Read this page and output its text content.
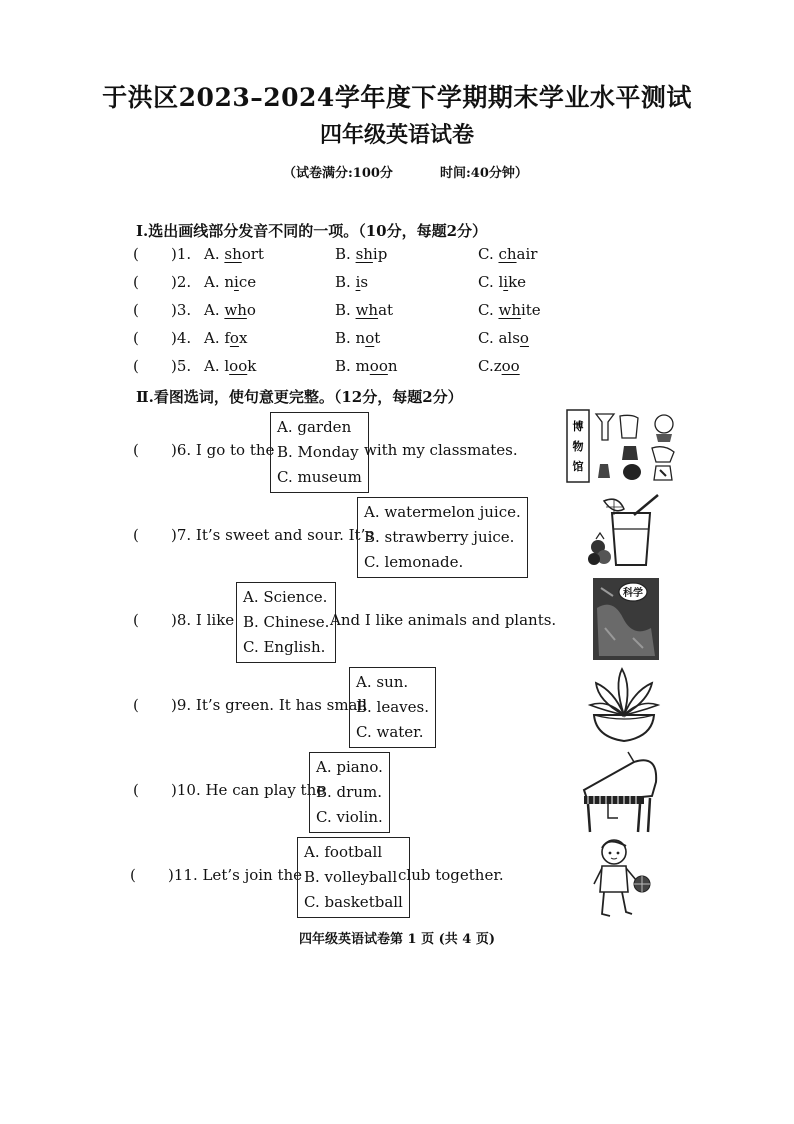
于洪区2023–2024学年度下学期期末学业水平测试
四年级英语试卷
（试卷满分:100分	时间:40分钟）
Ⅰ.选出画线部分发音不同的一项。（10分，每题2分）
( )1. A. short	B. ship	C. chair
( )2. A. nice	B. is	C. like
( )3. A. who	B. what	C. white
( )4. A. fox	B. not	C. also
( )5. A. look	B. moon	C.zoo
Ⅱ.看图选词，使句意更完整。（12分，每题2分）
( )6. I go to the
A. garden
B. Monday
C. museum
with my classmates.
( )7. It’s sweet and sour. It’s
A. watermelon juice.
B. strawberry juice.
C. lemonade.
( )8. I like
A. Science.
B. Chinese.
C. English.
And I like animals and plants.
( )9. It’s green. It has small
A. sun.
B. leaves.
C. water.
( )10. He can play the
A. piano.
B. drum.
C. violin.
( )11. Let’s join the
A. football
B. volleyball
C. basketball
club together.
博
物
馆
科学
四年级英语试卷第 1 页 (共 4 页)
